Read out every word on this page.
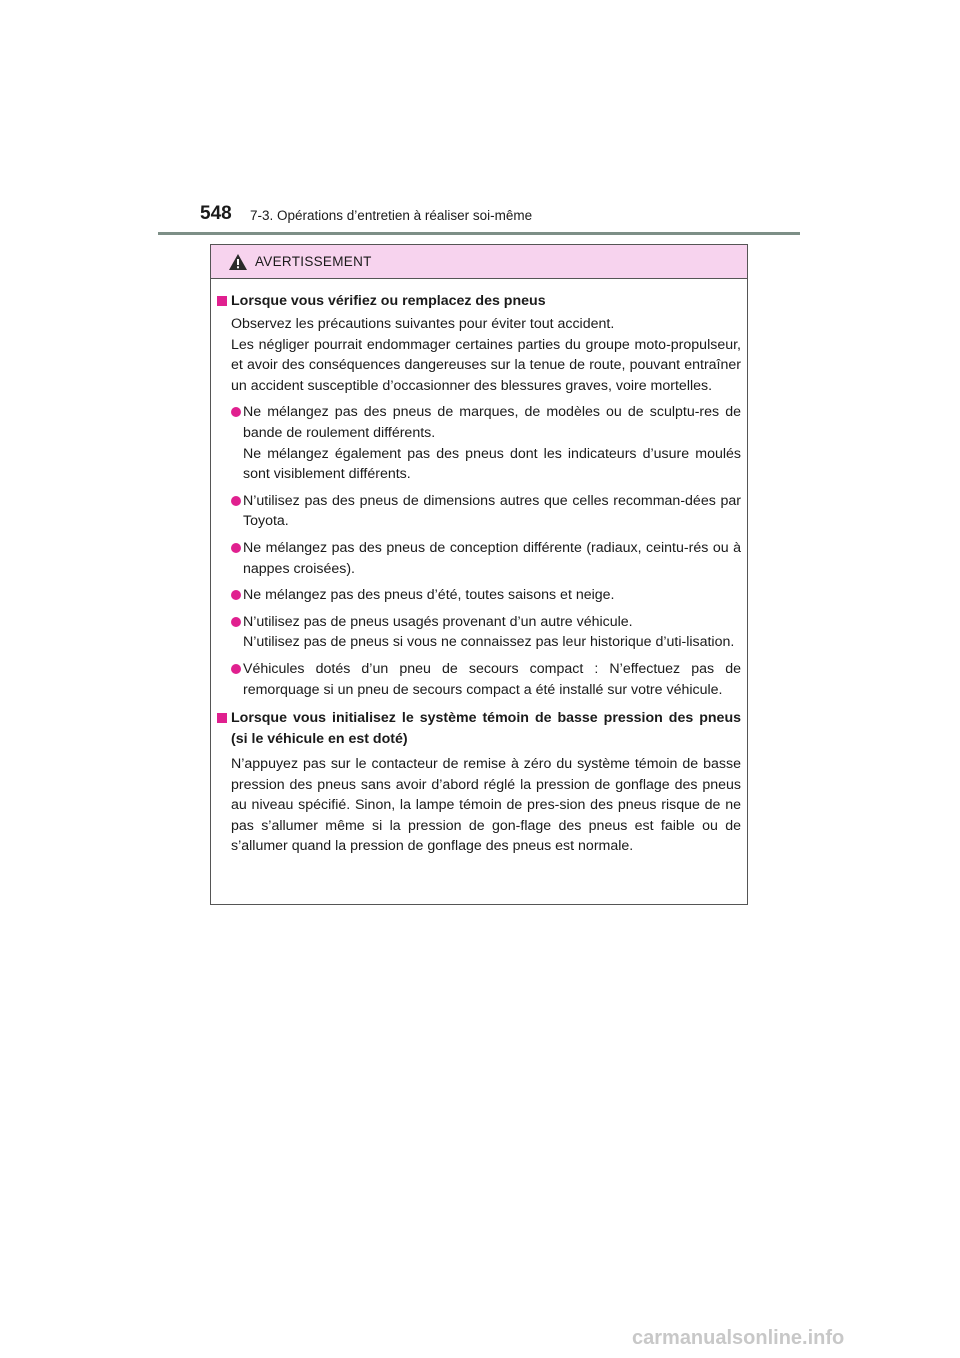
548 7-3. Opérations d’entretien à réaliser soi-même
AVERTISSEMENT
Lorsque vous vérifiez ou remplacez des pneus

Observez les précautions suivantes pour éviter tout accident.

Les négliger pourrait endommager certaines parties du groupe moto-propulseur, et avoir des conséquences dangereuses sur la tenue de route, pouvant entraîner un accident susceptible d’occasionner des blessures graves, voire mortelles.

Ne mélangez pas des pneus de marques, de modèles ou de sculptu-res de bande de roulement différents.

Ne mélangez également pas des pneus dont les indicateurs d’usure moulés sont visiblement différents.

N’utilisez pas des pneus de dimensions autres que celles recomman-dées par Toyota.

Ne mélangez pas des pneus de conception différente (radiaux, ceintu-rés ou à nappes croisées).

Ne mélangez pas des pneus d’été, toutes saisons et neige.

N’utilisez pas de pneus usagés provenant d’un autre véhicule.

N’utilisez pas de pneus si vous ne connaissez pas leur historique d’uti-lisation.

Véhicules dotés d’un pneu de secours compact : N’effectuez pas de remorquage si un pneu de secours compact a été installé sur votre véhicule.

Lorsque vous initialisez le système témoin de basse pression des pneus (si le véhicule en est doté)

N’appuyez pas sur le contacteur de remise à zéro du système témoin de basse pression des pneus sans avoir d’abord réglé la pression de gonflage des pneus au niveau spécifié. Sinon, la lampe témoin de pres-sion des pneus risque de ne pas s’allumer même si la pression de gon-flage des pneus est faible ou de s’allumer quand la pression de gonflage des pneus est normale.

carmanualsonline.info
